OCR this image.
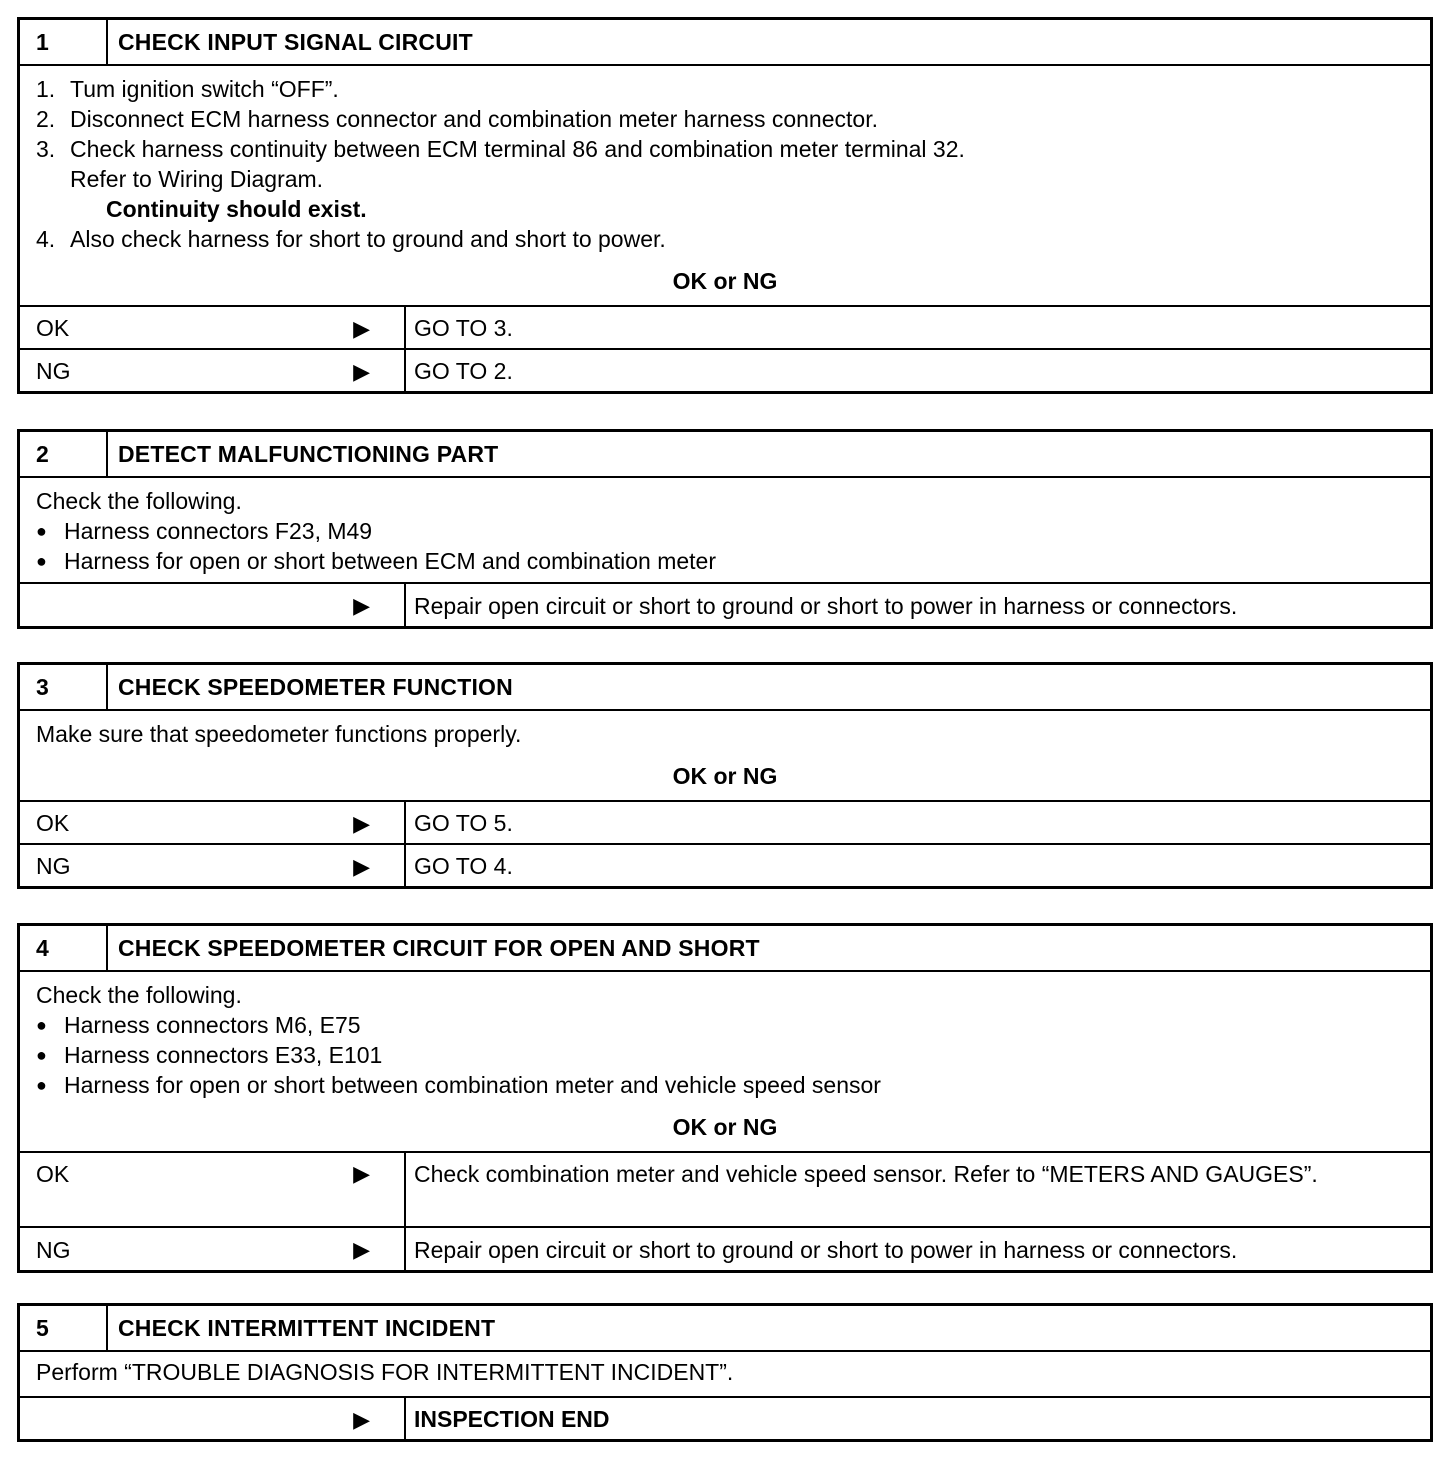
1	CHECK INPUT SIGNAL CIRCUIT
1. Tum ignition switch “OFF”.
2. Disconnect ECM harness connector and combination meter harness connector.
3. Check harness continuity between ECM terminal 86 and combination meter terminal 32.
Refer to Wiring Diagram.
Continuity should exist.
4. Also check harness for short to ground and short to power.
OK or NG
OK	▶	GO TO 3.
NG	▶	GO TO 2.
2	DETECT MALFUNCTIONING PART
Check the following.
● Harness connectors F23, M49
● Harness for open or short between ECM and combination meter
▶	Repair open circuit or short to ground or short to power in harness or connectors.
3	CHECK SPEEDOMETER FUNCTION
Make sure that speedometer functions properly.
OK or NG
OK	▶	GO TO 5.
NG	▶	GO TO 4.
4	CHECK SPEEDOMETER CIRCUIT FOR OPEN AND SHORT
Check the following.
● Harness connectors M6, E75
● Harness connectors E33, E101
● Harness for open or short between combination meter and vehicle speed sensor
OK or NG
OK	▶	Check combination meter and vehicle speed sensor. Refer to “METERS AND GAUGES”.
NG	▶	Repair open circuit or short to ground or short to power in harness or connectors.
5	CHECK INTERMITTENT INCIDENT
Perform “TROUBLE DIAGNOSIS FOR INTERMITTENT INCIDENT”.
▶	INSPECTION END
